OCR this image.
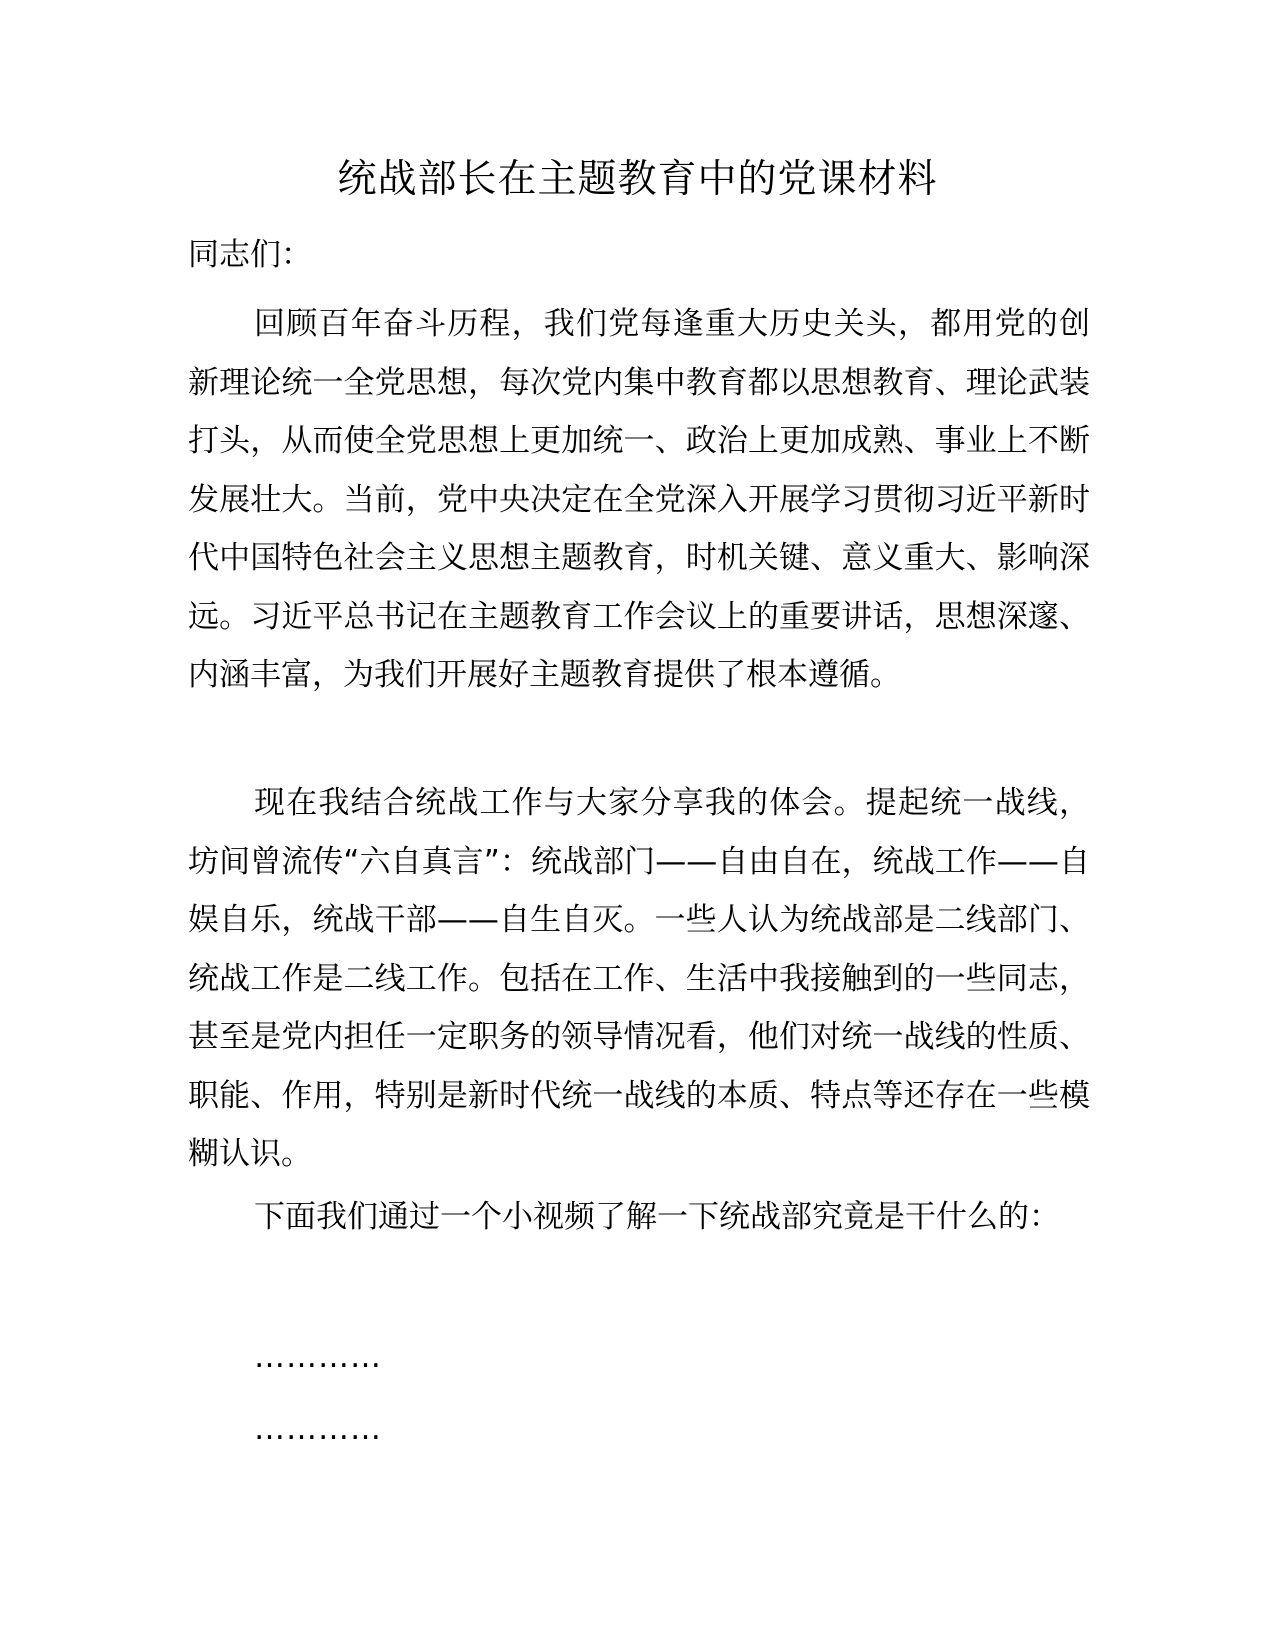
统战部长在主题教育中的党课材料
同志们：
回顾百年奋斗历程，我们党每逢重大历史关头，都用党的创新理论统一全党思想，每次党内集中教育都以思想教育、理论武装打头，从而使全党思想上更加统一、政治上更加成熟、事业上不断发展壮大。当前，党中央决定在全党深入开展学习贯彻习近平新时代中国特色社会主义思想主题教育，时机关键、意义重大、影响深远。习近平总书记在主题教育工作会议上的重要讲话，思想深邃、内涵丰富，为我们开展好主题教育提供了根本遵循。
现在我结合统战工作与大家分享我的体会。提起统一战线，坊间曾流传“六自真言”：统战部门——自由自在，统战工作——自娱自乐，统战干部——自生自灭。一些人认为统战部是二线部门、统战工作是二线工作。包括在工作、生活中我接触到的一些同志，甚至是党内担任一定职务的领导情况看，他们对统一战线的性质、职能、作用，特别是新时代统一战线的本质、特点等还存在一些模糊认识。
下面我们通过一个小视频了解一下统战部究竟是干什么的：
…………
…………
